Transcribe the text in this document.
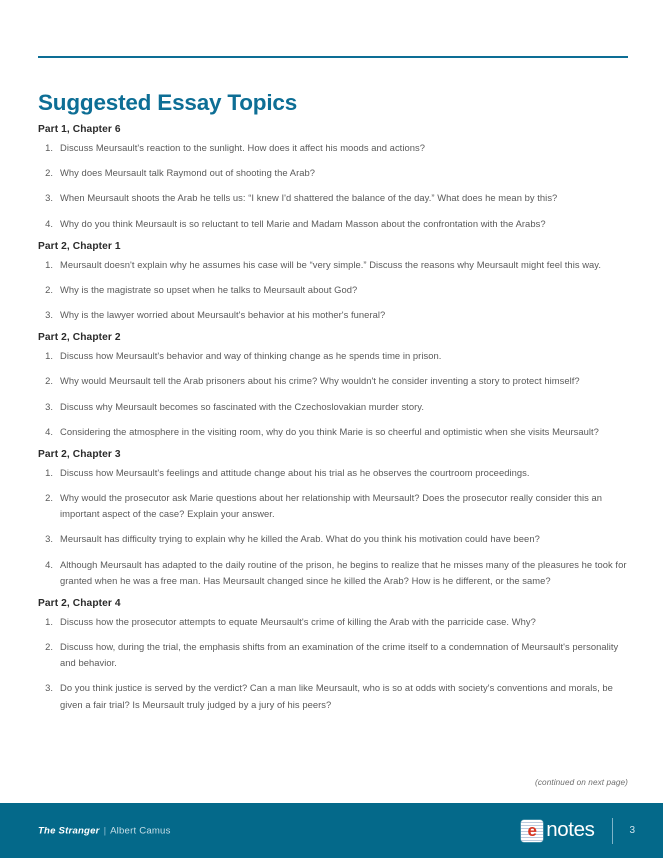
Suggested Essay Topics
Part 1, Chapter 6
1. Discuss Meursault's reaction to the sunlight. How does it affect his moods and actions?
2. Why does Meursault talk Raymond out of shooting the Arab?
3. When Meursault shoots the Arab he tells us: “I knew I'd shattered the balance of the day.” What does he mean by this?
4. Why do you think Meursault is so reluctant to tell Marie and Madam Masson about the confrontation with the Arabs?
Part 2, Chapter 1
1. Meursault doesn't explain why he assumes his case will be “very simple.” Discuss the reasons why Meursault might feel this way.
2. Why is the magistrate so upset when he talks to Meursault about God?
3. Why is the lawyer worried about Meursault's behavior at his mother's funeral?
Part 2, Chapter 2
1. Discuss how Meursault's behavior and way of thinking change as he spends time in prison.
2. Why would Meursault tell the Arab prisoners about his crime? Why wouldn't he consider inventing a story to protect himself?
3. Discuss why Meursault becomes so fascinated with the Czechoslovakian murder story.
4. Considering the atmosphere in the visiting room, why do you think Marie is so cheerful and optimistic when she visits Meursault?
Part 2, Chapter 3
1. Discuss how Meursault's feelings and attitude change about his trial as he observes the courtroom proceedings.
2. Why would the prosecutor ask Marie questions about her relationship with Meursault? Does the prosecutor really consider this an important aspect of the case? Explain your answer.
3. Meursault has difficulty trying to explain why he killed the Arab. What do you think his motivation could have been?
4. Although Meursault has adapted to the daily routine of the prison, he begins to realize that he misses many of the pleasures he took for granted when he was a free man. Has Meursault changed since he killed the Arab? How is he different, or the same?
Part 2, Chapter 4
1. Discuss how the prosecutor attempts to equate Meursault's crime of killing the Arab with the parricide case. Why?
2. Discuss how, during the trial, the emphasis shifts from an examination of the crime itself to a condemnation of Meursault's personality and behavior.
3. Do you think justice is served by the verdict? Can a man like Meursault, who is so at odds with society's conventions and morals, be given a fair trial? Is Meursault truly judged by a jury of his peers?
(continued on next page)
The Stranger | Albert Camus	e notes	3
